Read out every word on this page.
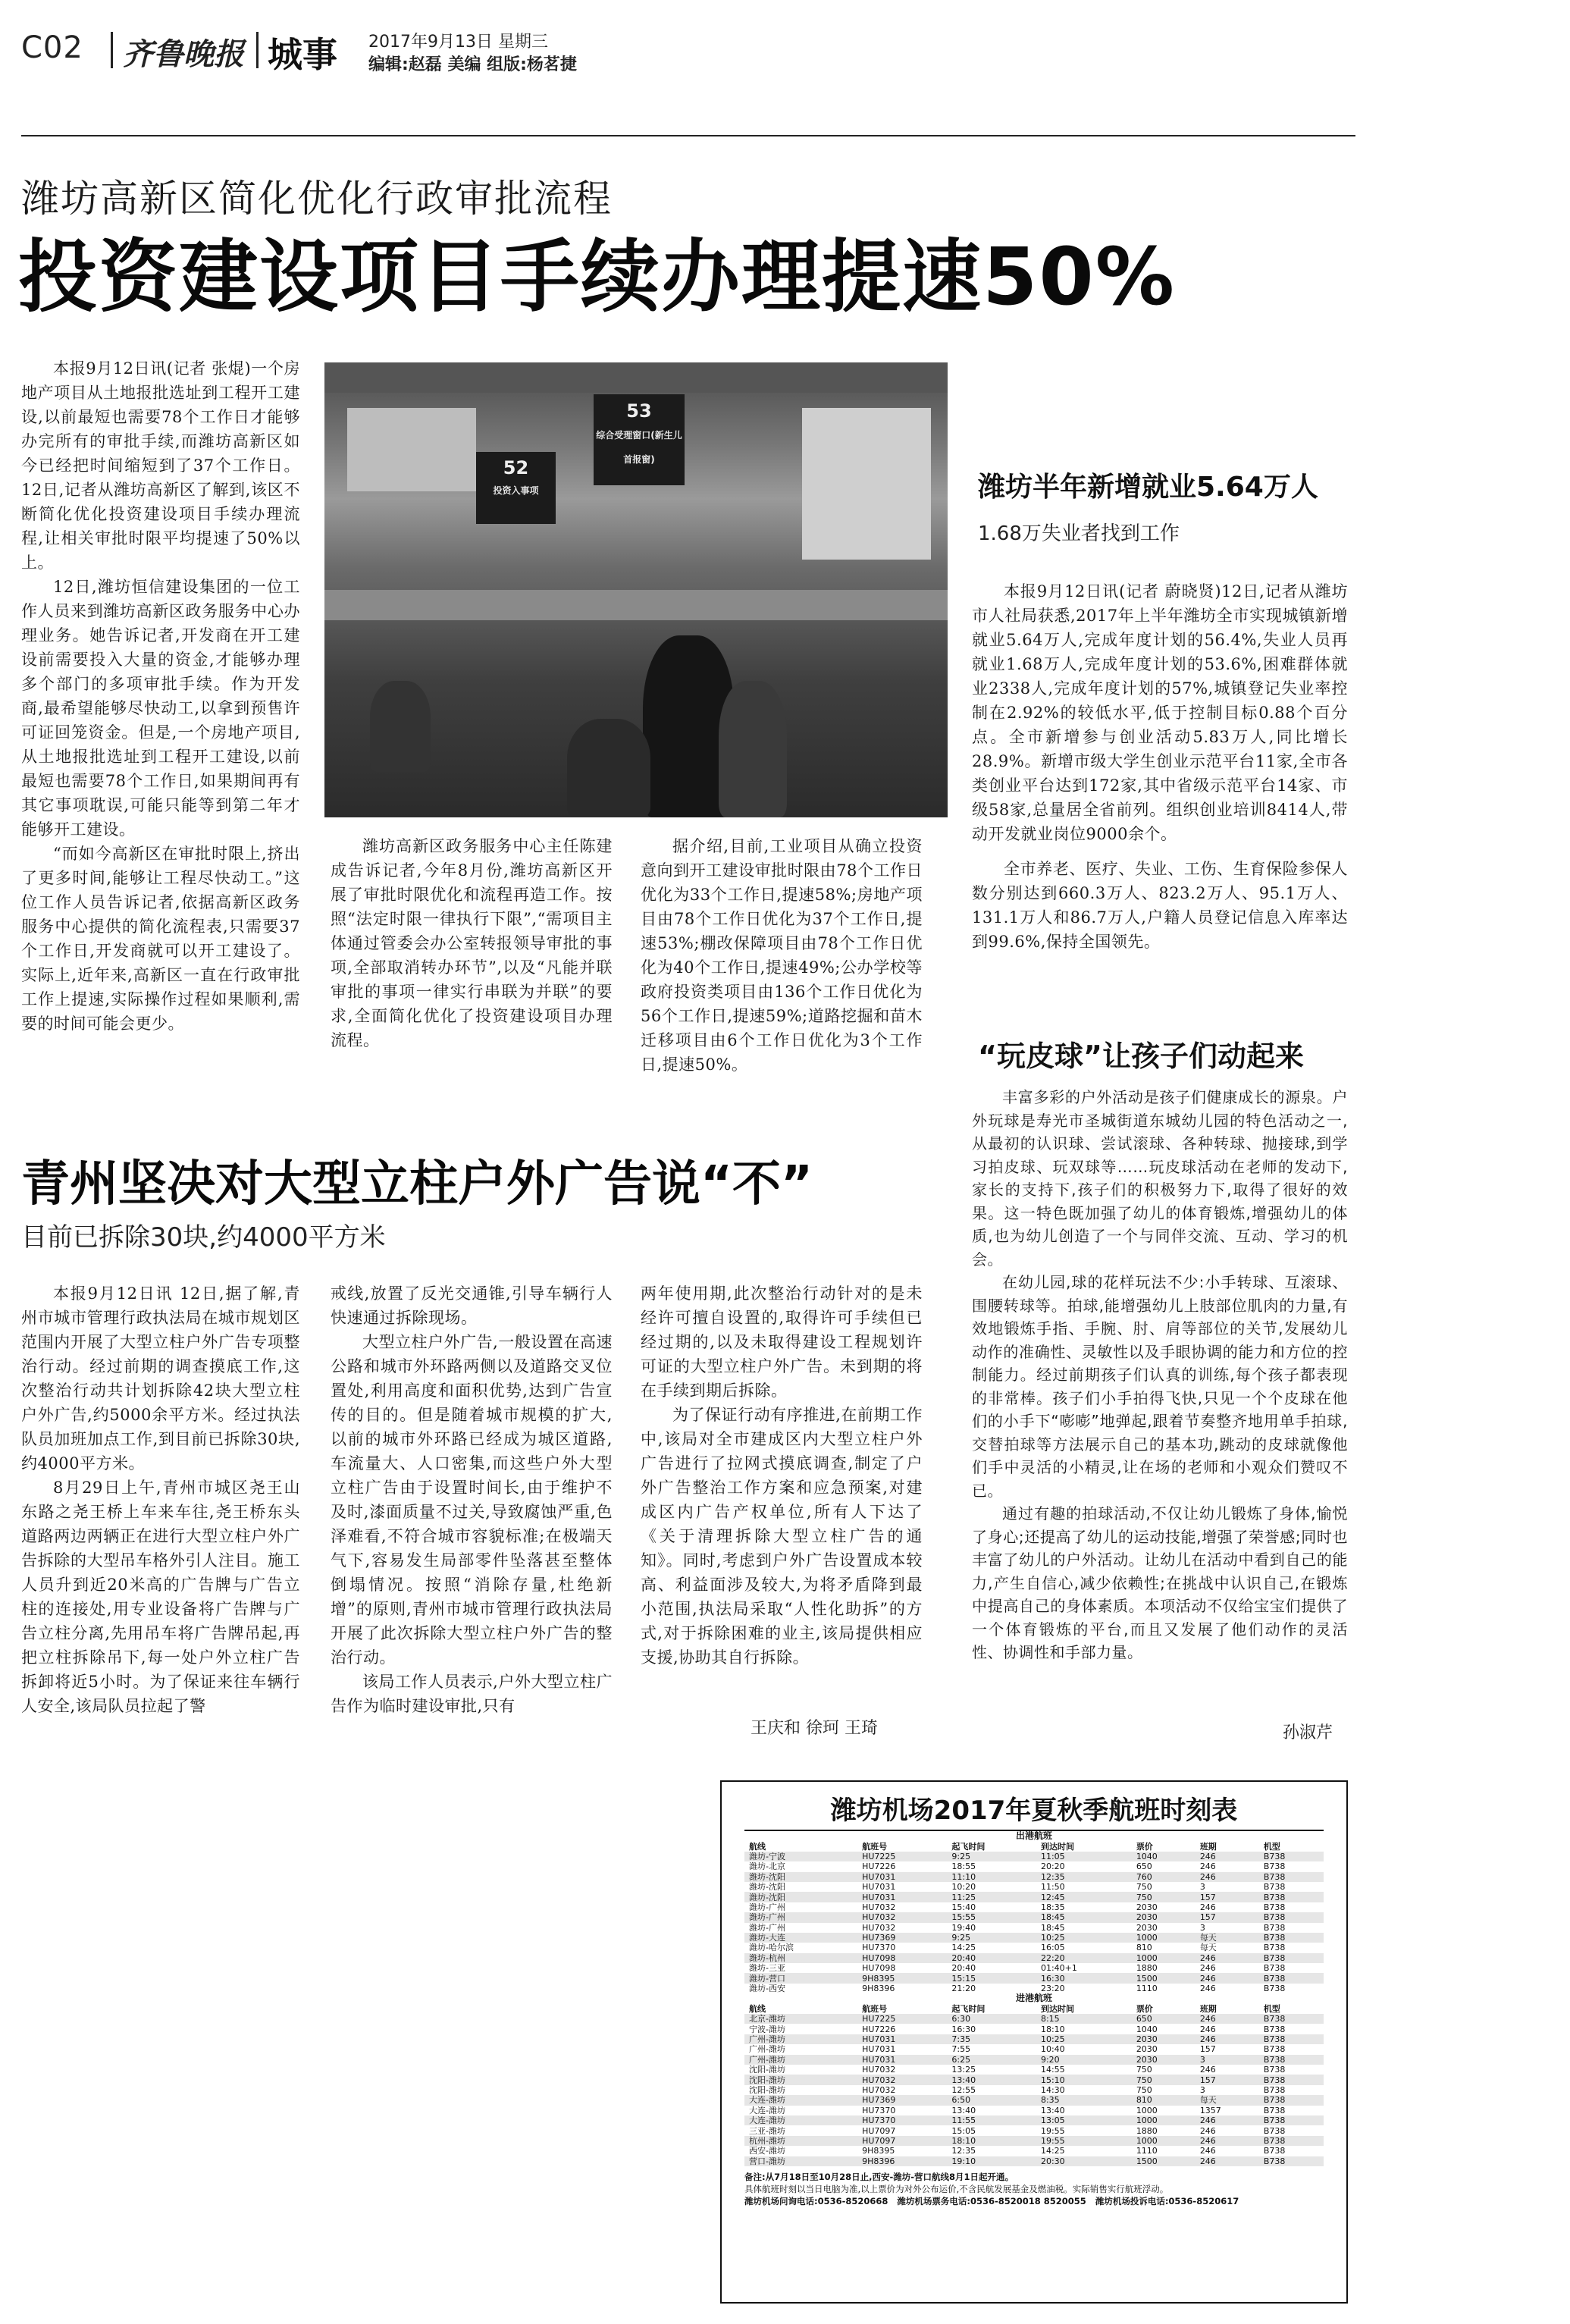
C02 齐鲁晚报 城事 2017年9月13日 星期三
编辑:赵磊 美编 组版:杨茗捷
潍坊高新区简化优化行政审批流程
投资建设项目手续办理提速50%

本报9月12日讯(记者 张焜)一个房地产项目从土地报批选址到工程开工建设,以前最短也需要78个工作日才能够办完所有的审批手续,而潍坊高新区如今已经把时间缩短到了37个工作日。12日,记者从潍坊高新区了解到,该区不断简化优化投资建设项目手续办理流程,让相关审批时限平均提速了50%以上。

12日,潍坊恒信建设集团的一位工作人员来到潍坊高新区政务服务中心办理业务。她告诉记者,开发商在开工建设前需要投入大量的资金,才能够办理多个部门的多项审批手续。作为开发商,最希望能够尽快动工,以拿到预售许可证回笼资金。但是,一个房地产项目,从土地报批选址到工程开工建设,以前最短也需要78个工作日,如果期间再有其它事项耽误,可能只能等到第二年才能够开工建设。

“而如今高新区在审批时限上,挤出了更多时间,能够让工程尽快动工。”这位工作人员告诉记者,依据高新区政务服务中心提供的简化流程表,只需要37个工作日,开发商就可以开工建设了。实际上,近年来,高新区一直在行政审批工作上提速,实际操作过程如果顺利,需要的时间可能会更少。

53
综合受理窗口(新生儿首报窗)
52
投资入事项

潍坊高新区政务服务中心主任陈建成告诉记者,今年8月份,潍坊高新区开展了审批时限优化和流程再造工作。按照“法定时限一律执行下限”,“需项目主体通过管委会办公室转报领导审批的事项,全部取消转办环节”,以及“凡能并联审批的事项一律实行串联为并联”的要求,全面简化优化了投资建设项目办理流程。

据介绍,目前,工业项目从确立投资意向到开工建设审批时限由78个工作日优化为33个工作日,提速58%;房地产项目由78个工作日优化为37个工作日,提速53%;棚改保障项目由78个工作日优化为40个工作日,提速49%;公办学校等政府投资类项目由136个工作日优化为56个工作日,提速59%;道路挖掘和苗木迁移项目由6个工作日优化为3个工作日,提速50%。

潍坊半年新增就业5.64万人
1.68万失业者找到工作

本报9月12日讯(记者 蔚晓贤)12日,记者从潍坊市人社局获悉,2017年上半年潍坊全市实现城镇新增就业5.64万人,完成年度计划的56.4%,失业人员再就业1.68万人,完成年度计划的53.6%,困难群体就业2338人,完成年度计划的57%,城镇登记失业率控制在2.92%的较低水平,低于控制目标0.88个百分点。全市新增参与创业活动5.83万人,同比增长28.9%。新增市级大学生创业示范平台11家,全市各类创业平台达到172家,其中省级示范平台14家、市级58家,总量居全省前列。组织创业培训8414人,带动开发就业岗位9000余个。

全市养老、医疗、失业、工伤、生育保险参保人数分别达到660.3万人、823.2万人、95.1万人、131.1万人和86.7万人,户籍人员登记信息入库率达到99.6%,保持全国领先。

“玩皮球”让孩子们动起来

丰富多彩的户外活动是孩子们健康成长的源泉。户外玩球是寿光市圣城街道东城幼儿园的特色活动之一,从最初的认识球、尝试滚球、各种转球、抛接球,到学习拍皮球、玩双球等……玩皮球活动在老师的发动下,家长的支持下,孩子们的积极努力下,取得了很好的效果。这一特色既加强了幼儿的体育锻炼,增强幼儿的体质,也为幼儿创造了一个与同伴交流、互动、学习的机会。

在幼儿园,球的花样玩法不少:小手转球、互滚球、围腰转球等。拍球,能增强幼儿上肢部位肌肉的力量,有效地锻炼手指、手腕、肘、肩等部位的关节,发展幼儿动作的准确性、灵敏性以及手眼协调的能力和方位的控制能力。经过前期孩子们认真的训练,每个孩子都表现的非常棒。孩子们小手拍得飞快,只见一个个皮球在他们的小手下“嘭嘭”地弹起,跟着节奏整齐地用单手拍球,交替拍球等方法展示自己的基本功,跳动的皮球就像他们手中灵活的小精灵,让在场的老师和小观众们赞叹不已。

通过有趣的拍球活动,不仅让幼儿锻炼了身体,愉悦了身心;还提高了幼儿的运动技能,增强了荣誉感;同时也丰富了幼儿的户外活动。让幼儿在活动中看到自己的能力,产生自信心,减少依赖性;在挑战中认识自己,在锻炼中提高自己的身体素质。本项活动不仅给宝宝们提供了一个体育锻炼的平台,而且又发展了他们动作的灵活性、协调性和手部力量。

孙淑芹
青州坚决对大型立柱户外广告说“不”
目前已拆除30块,约4000平方米

本报9月12日讯 12日,据了解,青州市城市管理行政执法局在城市规划区范围内开展了大型立柱户外广告专项整治行动。经过前期的调查摸底工作,这次整治行动共计划拆除42块大型立柱户外广告,约5000余平方米。经过执法队员加班加点工作,到目前已拆除30块,约4000平方米。

8月29日上午,青州市城区尧王山东路之尧王桥上车来车往,尧王桥东头道路两边两辆正在进行大型立柱户外广告拆除的大型吊车格外引人注目。施工人员升到近20米高的广告牌与广告立柱的连接处,用专业设备将广告牌与广告立柱分离,先用吊车将广告牌吊起,再把立柱拆除吊下,每一处户外立柱广告拆卸将近5小时。为了保证来往车辆行人安全,该局队员拉起了警

戒线,放置了反光交通锥,引导车辆行人快速通过拆除现场。

大型立柱户外广告,一般设置在高速公路和城市外环路两侧以及道路交叉位置处,利用高度和面积优势,达到广告宣传的目的。但是随着城市规模的扩大,以前的城市外环路已经成为城区道路,车流量大、人口密集,而这些户外大型立柱广告由于设置时间长,由于维护不及时,漆面质量不过关,导致腐蚀严重,色泽难看,不符合城市容貌标准;在极端天气下,容易发生局部零件坠落甚至整体倒塌情况。按照“消除存量,杜绝新增”的原则,青州市城市管理行政执法局开展了此次拆除大型立柱户外广告的整治行动。

该局工作人员表示,户外大型立柱广告作为临时建设审批,只有

两年使用期,此次整治行动针对的是未经许可擅自设置的,取得许可手续但已经过期的,以及未取得建设工程规划许可证的大型立柱户外广告。未到期的将在手续到期后拆除。

为了保证行动有序推进,在前期工作中,该局对全市建成区内大型立柱户外广告进行了拉网式摸底调查,制定了户外广告整治工作方案和应急预案,对建成区内广告产权单位,所有人下达了《关于清理拆除大型立柱广告的通知》。同时,考虑到户外广告设置成本较高、利益面涉及较大,为将矛盾降到最小范围,执法局采取“人性化助拆”的方式,对于拆除困难的业主,该局提供相应支援,协助其自行拆除。

王庆和 徐珂 王琦
潍坊机场2017年夏秋季航班时刻表
出港航班						
航线	航班号	起飞时间	到达时间	票价	班期	机型
潍坊-宁波	HU7225	9:25	11:05	1040	246	B738
潍坊-北京	HU7226	18:55	20:20	650	246	B738
潍坊-沈阳	HU7031	11:10	12:35	760	246	B738
潍坊-沈阳	HU7031	10:20	11:50	750	3	B738
潍坊-沈阳	HU7031	11:25	12:45	750	157	B738
潍坊-广州	HU7032	15:40	18:35	2030	246	B738
潍坊-广州	HU7032	15:55	18:45	2030	157	B738
潍坊-广州	HU7032	19:40	18:45	2030	3	B738
潍坊-大连	HU7369	9:25	10:25	1000	每天	B738
潍坊-哈尔滨	HU7370	14:25	16:05	810	每天	B738
潍坊-杭州	HU7098	20:40	22:20	1000	246	B738
潍坊-三亚	HU7098	20:40	01:40+1	1880	246	B738
潍坊-营口	9H8395	15:15	16:30	1500	246	B738
潍坊-西安	9H8396	21:20	23:20	1110	246	B738
进港航班						
航线	航班号	起飞时间	到达时间	票价	班期	机型
北京-潍坊	HU7225	6:30	8:15	650	246	B738
宁波-潍坊	HU7226	16:30	18:10	1040	246	B738
广州-潍坊	HU7031	7:35	10:25	2030	246	B738
广州-潍坊	HU7031	7:55	10:40	2030	157	B738
广州-潍坊	HU7031	6:25	9:20	2030	3	B738
沈阳-潍坊	HU7032	13:25	14:55	750	246	B738
沈阳-潍坊	HU7032	13:40	15:10	750	157	B738
沈阳-潍坊	HU7032	12:55	14:30	750	3	B738
大连-潍坊	HU7369	6:50	8:35	810	每天	B738
大连-潍坊	HU7370	13:40	13:40	1000	1357	B738
大连-潍坊	HU7370	11:55	13:05	1000	246	B738
三亚-潍坊	HU7097	15:05	19:55	1880	246	B738
杭州-潍坊	HU7097	18:10	19:55	1000	246	B738
西安-潍坊	9H8395	12:35	14:25	1110	246	B738
营口-潍坊	9H8396	19:10	20:30	1500	246	B738
备注:从7月18日至10月28日止,西安-潍坊-营口航线8月1日起开通。
具体航班时刻以当日电脑为准,以上票价为对外公布运价,不含民航发展基金及燃油税。实际销售实行航班浮动。
潍坊机场问询电话:0536-8520668   潍坊机场票务电话:0536-8520018 8520055   潍坊机场投诉电话:0536-8520617
